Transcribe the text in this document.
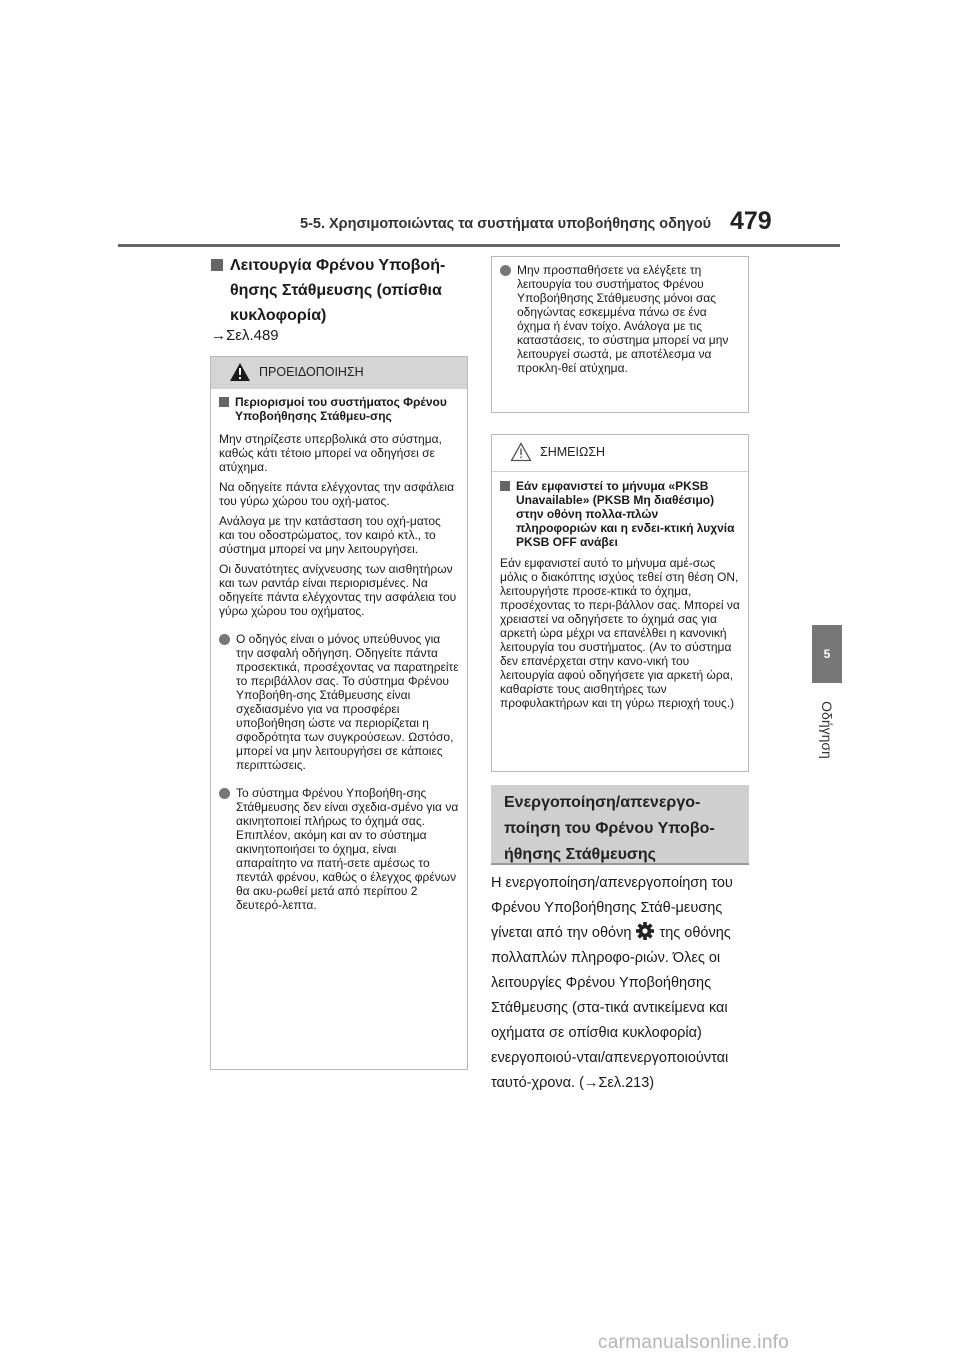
5-5. Χρησιμοποιώντας τα συστήματα υποβοήθησης οδηγού 479
5
Οδήγηση
Λειτουργία Φρένου Υποβοή-θησης Στάθμευσης (οπίσθια κυκλοφορία)
→Σελ.489
ΠΡΟΕΙΔΟΠΟΙΗΣΗ
Περιορισμοί του συστήματος Φρένου Υποβοήθησης Στάθμευ-σης

Μην στηρίζεστε υπερβολικά στο σύστημα, καθώς κάτι τέτοιο μπορεί να οδηγήσει σε ατύχημα.

Να οδηγείτε πάντα ελέγχοντας την ασφάλεια του γύρω χώρου του οχή-ματος.

Ανάλογα με την κατάσταση του οχή-ματος και του οδοστρώματος, τον καιρό κτλ., το σύστημα μπορεί να μην λειτουργήσει.

Οι δυνατότητες ανίχνευσης των αισθητήρων και των ραντάρ είναι περιορισμένες. Να οδηγείτε πάντα ελέγχοντας την ασφάλεια του γύρω χώρου του οχήματος.

Ο οδηγός είναι ο μόνος υπεύθυνος για την ασφαλή οδήγηση. Οδηγείτε πάντα προσεκτικά, προσέχοντας να παρατηρείτε το περιβάλλον σας. Το σύστημα Φρένου Υποβοήθη-σης Στάθμευσης είναι σχεδιασμένο για να προσφέρει υποβοήθηση ώστε να περιορίζεται η σφοδρότητα των συγκρούσεων. Ωστόσο, μπορεί να μην λειτουργήσει σε κάποιες περιπτώσεις.
Το σύστημα Φρένου Υποβοήθη-σης Στάθμευσης δεν είναι σχεδια-σμένο για να ακινητοποιεί πλήρως το όχημά σας. Επιπλέον, ακόμη και αν το σύστημα ακινητοποιήσει το όχημα, είναι απαραίτητο να πατή-σετε αμέσως το πεντάλ φρένου, καθώς ο έλεγχος φρένων θα ακυ-ρωθεί μετά από περίπου 2 δευτερό-λεπτα.
Μην προσπαθήσετε να ελέγξετε τη λειτουργία του συστήματος Φρένου Υποβοήθησης Στάθμευσης μόνοι σας οδηγώντας εσκεμμένα πάνω σε ένα όχημα ή έναν τοίχο. Ανάλογα με τις καταστάσεις, το σύστημα μπορεί να μην λειτουργεί σωστά, με αποτέλεσμα να προκλη-θεί ατύχημα.
ΣΗΜΕΙΩΣΗ
Εάν εμφανιστεί το μήνυμα «PKSB Unavailable» (PKSB Μη διαθέσιμο) στην οθόνη πολλα-πλών πληροφοριών και η ενδει-κτική λυχνία PKSB OFF ανάβει

Εάν εμφανιστεί αυτό το μήνυμα αμέ-σως μόλις ο διακόπτης ισχύος τεθεί στη θέση ON, λειτουργήστε προσε-κτικά το όχημα, προσέχοντας το περι-βάλλον σας. Μπορεί να χρειαστεί να οδηγήσετε το όχημά σας για αρκετή ώρα μέχρι να επανέλθει η κανονική λειτουργία του συστήματος. (Αν το σύστημα δεν επανέρχεται στην κανο-νική του λειτουργία αφού οδηγήσετε για αρκετή ώρα, καθαρίστε τους αισθητήρες των προφυλακτήρων και τη γύρω περιοχή τους.)

Ενεργοποίηση/απενεργο-ποίηση του Φρένου Υποβο-ήθησης Στάθμευσης
Η ενεργοποίηση/απενεργοποίηση του Φρένου Υποβοήθησης Στάθ-μευσης γίνεται από την οθόνη της οθόνης πολλαπλών πληροφο-ριών. Όλες οι λειτουργίες Φρένου Υποβοήθησης Στάθμευσης (στα-τικά αντικείμενα και οχήματα σε οπίσθια κυκλοφορία) ενεργοποιού-νται/απενεργοποιούνται ταυτό-χρονα. (→Σελ.213)
carmanualsonline.info
